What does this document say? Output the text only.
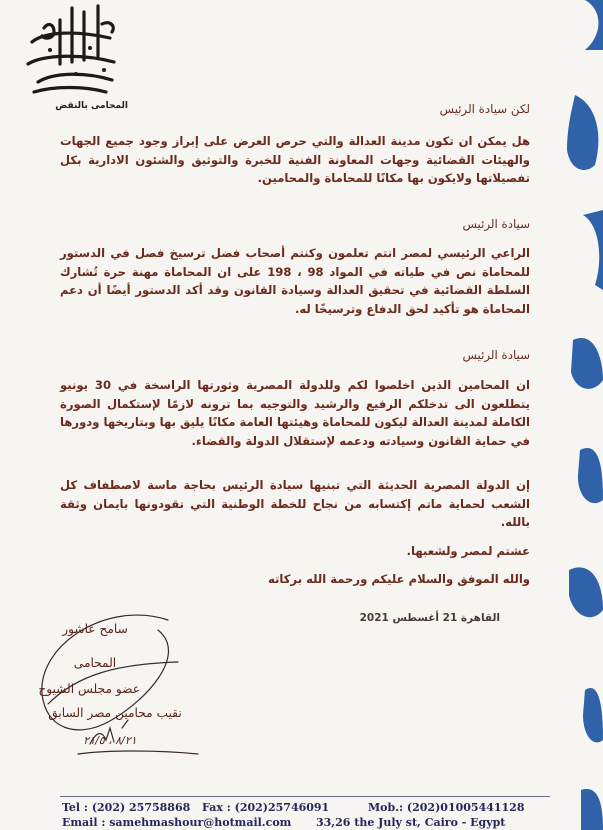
المحامى بالنقض	لكن سيادة الرئيس
هل يمكن ان تكون مدينة العدالة والتي حرص العرض على إبراز وجود جميع الجهات والهيئات القضائية وجهات المعاونة الفنية للخبرة والتوثيق والشئون الادارية بكل تفصيلاتها ولايكون بها مكانًا للمحاماة والمحامين.
سيادة الرئيس
الراعي الرئيسي لمصر انتم تعلمون وكنتم أصحاب فضل ترسيخ فصل في الدستور للمحاماة نص في طياته في المواد 98 ، 198 على ان المحاماة مهنة حرة تُشارك السلطة القضائية في تحقيق العدالة وسيادة القانون وقد أكد الدستور أيضًا أن دعم المحاماة هو تأكيد لحق الدفاع وترسيخًا له.
سيادة الرئيس
ان المحامين الذين اخلصوا لكم وللدولة المصرية وثورتها الراسخة في 30 يونيو يتطلعون الى تدخلكم الرفيع والرشيد والتوجيه بما ترونه لازمًا لإستكمال الصورة الكاملة لمدينة العدالة ليكون للمحاماة وهيئتها العامة مكانًا يليق بها وبتاريخها ودورها في حماية القانون وسيادته ودعمه لإستقلال الدولة والقضاء.
إن الدولة المصرية الحديثة التي تبنيها سيادة الرئيس بحاجة ماسة لاصطفاف كل الشعب لحماية ماتم إكتسابه من نجاح للخطة الوطنية التي تقودونها بايمان وثقة بالله.
عشتم لمصر ولشعبها.
والله الموفق والسلام عليكم ورحمة الله بركاته
القاهرة 21 أغسطس 2021
سامح عاشور
المحامى
عضو مجلس الشيوخ
نقيب محامين مصر السابق
٨/٢١ ، ٢١/٥
Tel : (202) 25758868 Fax : (202)25746091	Mob.: (202)01005441128
Email : samehmashour@hotmail.com 33,26 the July st, Cairo - Egypt
